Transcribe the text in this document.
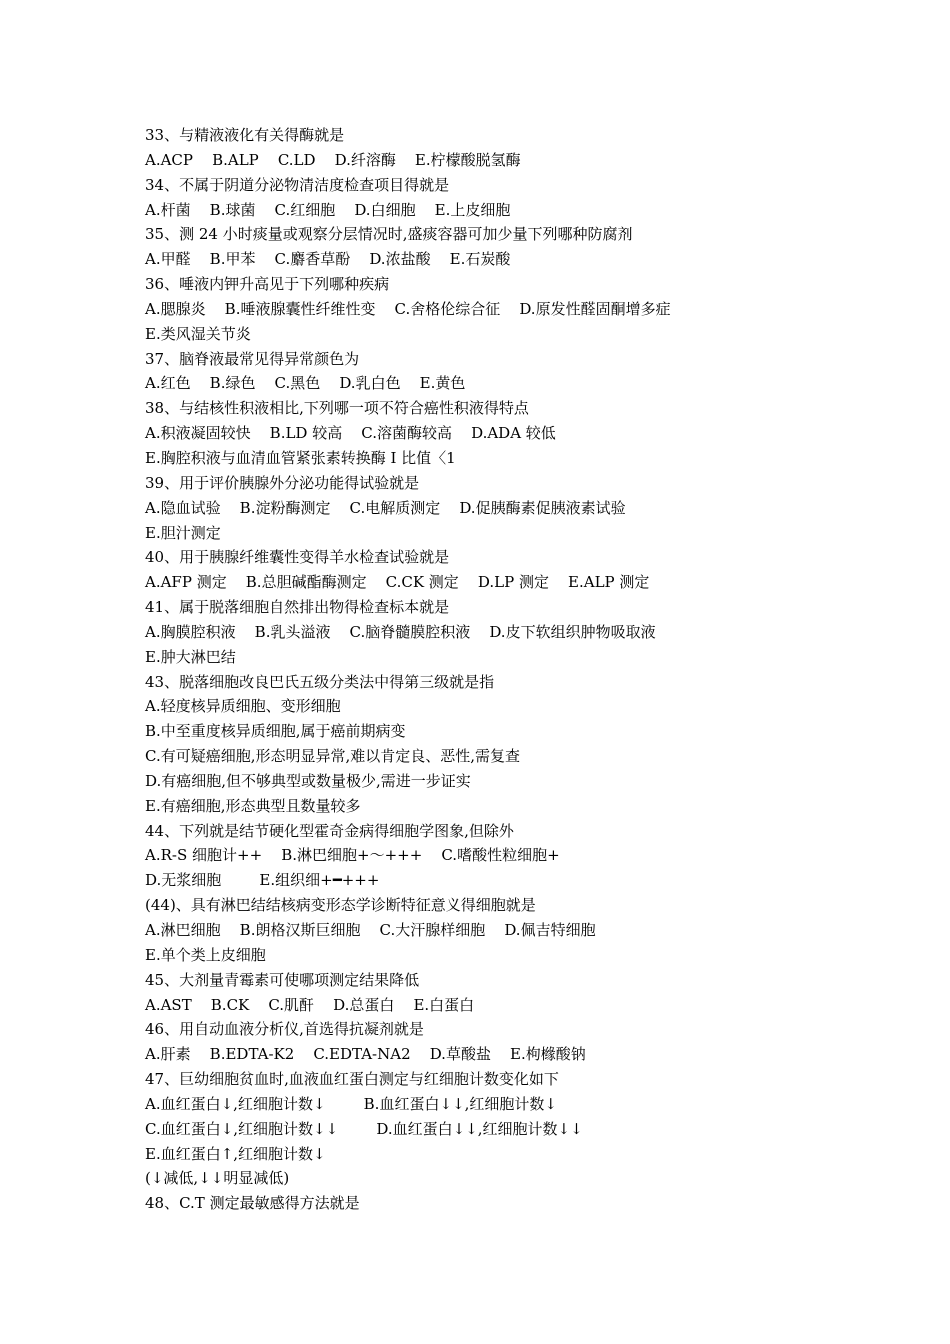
33、与精液液化有关得酶就是
A.ACP    B.ALP    C.LD    D.纤溶酶    E.柠檬酸脱氢酶
34、不属于阴道分泌物清洁度检查项目得就是
A.杆菌    B.球菌    C.红细胞    D.白细胞    E.上皮细胞
35、测 24 小时痰量或观察分层情况时,盛痰容器可加少量下列哪种防腐剂
A.甲醛    B.甲苯    C.麝香草酚    D.浓盐酸    E.石炭酸
36、唾液内钾升高见于下列哪种疾病
A.腮腺炎    B.唾液腺囊性纤维性变    C.舍格伦综合征    D.原发性醛固酮增多症
E.类风湿关节炎
37、脑脊液最常见得异常颜色为
A.红色    B.绿色    C.黑色    D.乳白色    E.黄色
38、与结核性积液相比,下列哪一项不符合癌性积液得特点
A.积液凝固较快    B.LD 较高    C.溶菌酶较高    D.ADA 较低
E.胸腔积液与血清血管紧张素转换酶 I 比值〈1
39、用于评价胰腺外分泌功能得试验就是
A.隐血试验    B.淀粉酶测定    C.电解质测定    D.促胰酶素促胰液素试验
E.胆汁测定
40、用于胰腺纤维囊性变得羊水检查试验就是
A.AFP 测定    B.总胆碱酯酶测定    C.CK 测定    D.LP 测定    E.ALP 测定
41、属于脱落细胞自然排出物得检查标本就是
A.胸膜腔积液    B.乳头溢液    C.脑脊髓膜腔积液    D.皮下软组织肿物吸取液
E.肿大淋巴结
43、脱落细胞改良巴氏五级分类法中得第三级就是指
A.轻度核异质细胞、变形细胞
B.中至重度核异质细胞,属于癌前期病变
C.有可疑癌细胞,形态明显异常,难以肯定良、恶性,需复查
D.有癌细胞,但不够典型或数量极少,需进一步证实
E.有癌细胞,形态典型且数量较多
44、下列就是结节硬化型霍奇金病得细胞学图象,但除外
A.R-S 细胞计++    B.淋巴细胞+～+++    C.嗜酸性粒细胞+
D.无浆细胞        E.组织细+━+++
(44)、具有淋巴结结核病变形态学诊断特征意义得细胞就是
A.淋巴细胞    B.朗格汉斯巨细胞    C.大汗腺样细胞    D.佩吉特细胞
E.单个类上皮细胞
45、大剂量青霉素可使哪项测定结果降低
A.AST    B.CK    C.肌酐    D.总蛋白    E.白蛋白
46、用自动血液分析仪,首选得抗凝剂就是
A.肝素    B.EDTA-K2    C.EDTA-NA2    D.草酸盐    E.枸橼酸钠
47、巨幼细胞贫血时,血液血红蛋白测定与红细胞计数变化如下
A.血红蛋白↓,红细胞计数↓        B.血红蛋白↓↓,红细胞计数↓
C.血红蛋白↓,红细胞计数↓↓        D.血红蛋白↓↓,红细胞计数↓↓
E.血红蛋白↑,红细胞计数↓
(↓减低,↓↓明显减低)
48、C.T 测定最敏感得方法就是
